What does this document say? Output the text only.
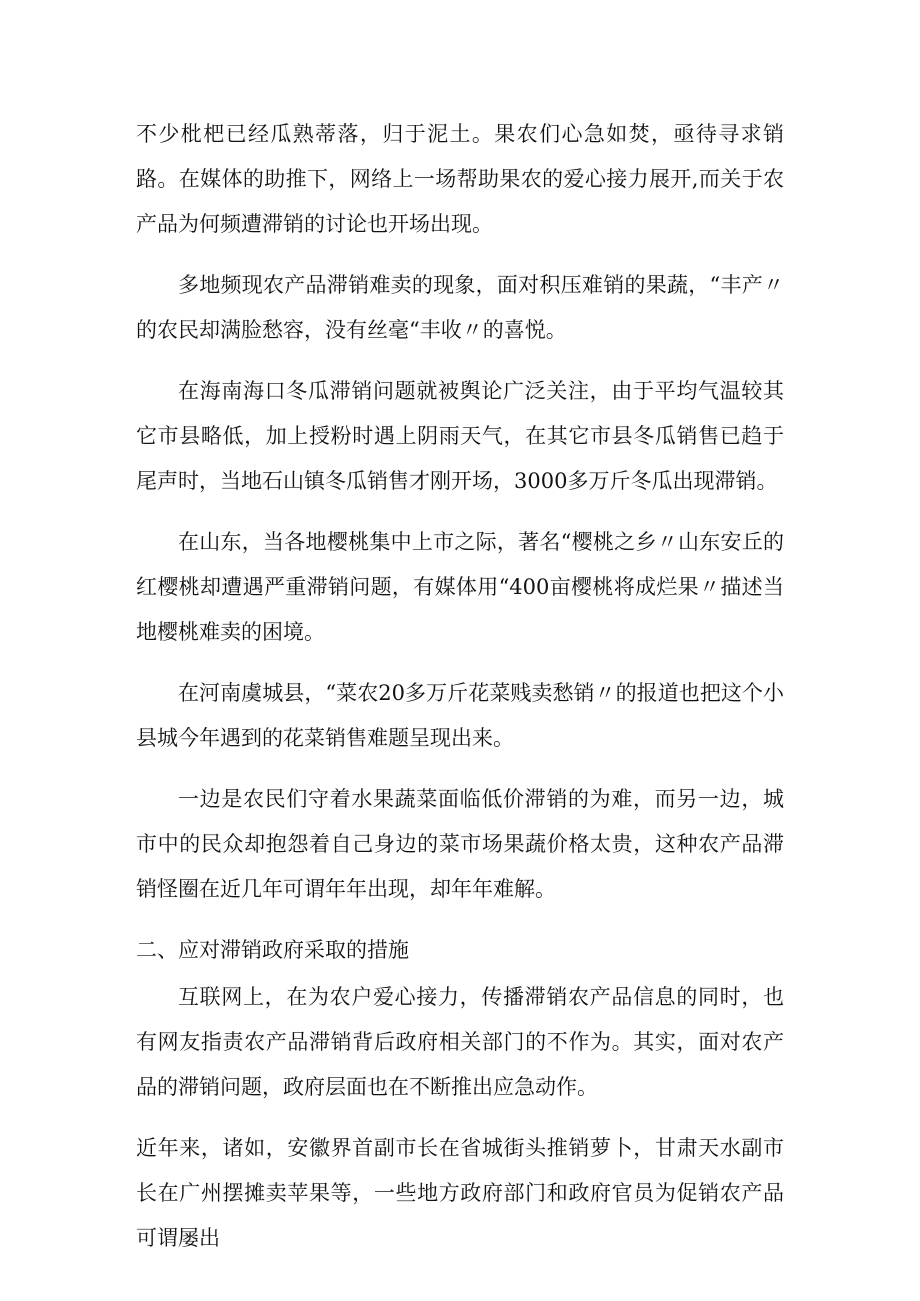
不少枇杷已经瓜熟蒂落，归于泥土。果农们心急如焚，亟待寻求销路。在媒体的助推下，网络上一场帮助果农的爱心接力展开,而关于农产品为何频遭滞销的讨论也开场出现。

多地频现农产品滞销难卖的现象，面对积压难销的果蔬，“丰产〃的农民却满脸愁容，没有丝毫“丰收〃的喜悦。

在海南海口冬瓜滞销问题就被舆论广泛关注，由于平均气温较其它市县略低，加上授粉时遇上阴雨天气，在其它市县冬瓜销售已趋于尾声时，当地石山镇冬瓜销售才刚开场，3000多万斤冬瓜出现滞销。

在山东，当各地樱桃集中上市之际，著名“樱桃之乡〃山东安丘的红樱桃却遭遇严重滞销问题，有媒体用“400亩樱桃将成烂果〃描述当地樱桃难卖的困境。

在河南虞城县，“菜农20多万斤花菜贱卖愁销〃的报道也把这个小县城今年遇到的花菜销售难题呈现出来。

一边是农民们守着水果蔬菜面临低价滞销的为难，而另一边，城市中的民众却抱怨着自己身边的菜市场果蔬价格太贵，这种农产品滞销怪圈在近几年可谓年年出现，却年年难解。

二、应对滞销政府采取的措施

互联网上，在为农户爱心接力，传播滞销农产品信息的同时，也有网友指责农产品滞销背后政府相关部门的不作为。其实，面对农产品的滞销问题，政府层面也在不断推出应急动作。

近年来，诸如，安徽界首副市长在省城街头推销萝卜，甘肃天水副市长在广州摆摊卖苹果等，一些地方政府部门和政府官员为促销农产品可谓屡出
